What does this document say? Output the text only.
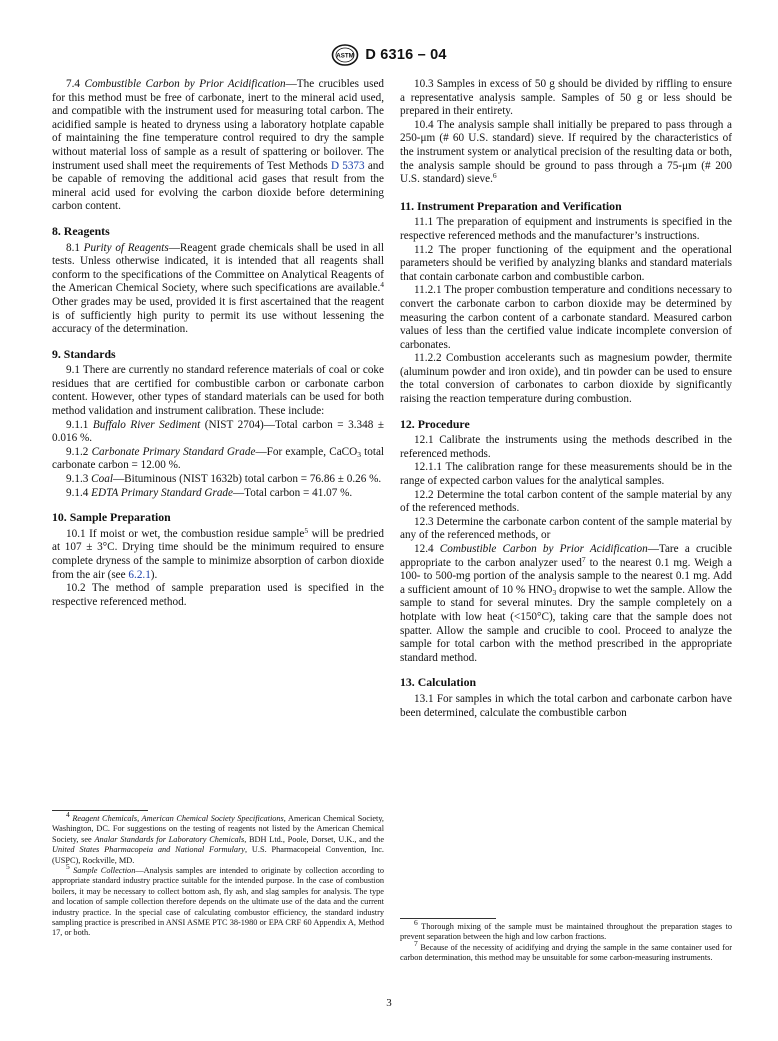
ASTM D 6316 – 04

7.4 Combustible Carbon by Prior Acidification—The crucibles used for this method must be free of carbonate, inert to the mineral acid used, and compatible with the instrument used for measuring total carbon. The acidified sample is heated to dryness using a laboratory hotplate capable of maintaining the fine temperature control required to dry the sample without material loss of sample as a result of spattering or boilover. The instrument used shall meet the requirements of Test Methods D 5373 and be capable of removing the additional acid gases that result from the mineral acid used for evolving the carbon dioxide before determining carbon content.

8. Reagents

8.1 Purity of Reagents—Reagent grade chemicals shall be used in all tests. Unless otherwise indicated, it is intended that all reagents shall conform to the specifications of the Committee on Analytical Reagents of the American Chemical Society, where such specifications are available.$^4$ Other grades may be used, provided it is first ascertained that the reagent is of sufficiently high purity to permit its use without lessening the accuracy of the determination.

9. Standards

9.1 There are currently no standard reference materials of coal or coke residues that are certified for combustible carbon or carbonate carbon content. However, other types of standard materials can be used for both method validation and instrument calibration. These include:

9.1.1 Buffalo River Sediment (NIST 2704)—Total carbon = 3.348 ± 0.016 %.

9.1.2 Carbonate Primary Standard Grade—For example, CaCO$_3$ total carbonate carbon = 12.00 %.

9.1.3 Coal—Bituminous (NIST 1632b) total carbon = 76.86 ± 0.26 %.

9.1.4 EDTA Primary Standard Grade—Total carbon = 41.07 %.

10. Sample Preparation

10.1 If moist or wet, the combustion residue sample$^5$ will be predried at 107 ± 3°C. Drying time should be the minimum required to ensure complete dryness of the sample to minimize absorption of carbon dioxide from the air (see 6.2.1).

10.2 The method of sample preparation used is specified in the respective referenced method.

10.3 Samples in excess of 50 g should be divided by riffling to ensure a representative analysis sample. Samples of 50 g or less should be prepared in their entirety.

10.4 The analysis sample shall initially be prepared to pass through a 250-μm (# 60 U.S. standard) sieve. If required by the characteristics of the instrument system or analytical precision of the resulting data or both, the analysis sample should be ground to pass through a 75-μm (# 200 U.S. standard) sieve.$^6$

11. Instrument Preparation and Verification

11.1 The preparation of equipment and instruments is specified in the respective referenced methods and the manufacturer’s instructions.

11.2 The proper functioning of the equipment and the operational parameters should be verified by analyzing blanks and standard materials that contain carbonate carbon and combustible carbon.

11.2.1 The proper combustion temperature and conditions necessary to convert the carbonate carbon to carbon dioxide may be determined by measuring the carbon content of a carbonate standard. Measured carbon values of less than the certified value indicate incomplete conversion of carbonates.

11.2.2 Combustion accelerants such as magnesium powder, thermite (aluminum powder and iron oxide), and tin powder can be used to ensure the total conversion of carbonates to carbon dioxide by significantly raising the reaction temperature during combustion.

12. Procedure

12.1 Calibrate the instruments using the methods described in the referenced methods.

12.1.1 The calibration range for these measurements should be in the range of expected carbon values for the analytical samples.

12.2 Determine the total carbon content of the sample material by any of the referenced methods.

12.3 Determine the carbonate carbon content of the sample material by any of the referenced methods, or

12.4 Combustible Carbon by Prior Acidification—Tare a crucible appropriate to the carbon analyzer used$^7$ to the nearest 0.1 mg. Weigh a 100- to 500-mg portion of the analysis sample to the nearest 0.1 mg. Add a sufficient amount of 10 % $HNO_3$ dropwise to wet the sample. Allow the sample to stand for several minutes. Dry the sample completely on a hotplate with low heat (<150°C), taking care that the sample does not spatter. Allow the sample and crucible to cool. Proceed to analyze the sample for total carbon with the method prescribed in the appropriate standard method.

13. Calculation

13.1 For samples in which the total carbon and carbonate carbon have been determined, calculate the combustible carbon

$^4$ Reagent Chemicals, American Chemical Society Specifications, American Chemical Society, Washington, DC. For suggestions on the testing of reagents not listed by the American Chemical Society, see Analar Standards for Laboratory Chemicals, BDH Ltd., Poole, Dorset, U.K., and the United States Pharmacopeia and National Formulary, U.S. Pharmacopeial Convention, Inc. (USPC), Rockville, MD.

$^5$ Sample Collection—Analysis samples are intended to originate by collection according to appropriate standard industry practice suitable for the intended purpose. In the case of combustion boilers, it may be necessary to collect bottom ash, fly ash, and slag samples for analysis. The type and location of sample collection therefore depends on the ultimate use of the data and the current industry practice. In the special case of calculating combustor efficiency, the standard industry sampling practice is prescribed in ANSI ASME PTC 38-1980 or EPA CRF 60 Appendix A, Method 17, or both.

$^6$ Thorough mixing of the sample must be maintained throughout the preparation stages to prevent separation between the high and low carbon fractions.

$^7$ Because of the necessity of acidifying and drying the sample in the same container used for carbon determination, this method may be unsuitable for some carbon-measuring instruments.

3
